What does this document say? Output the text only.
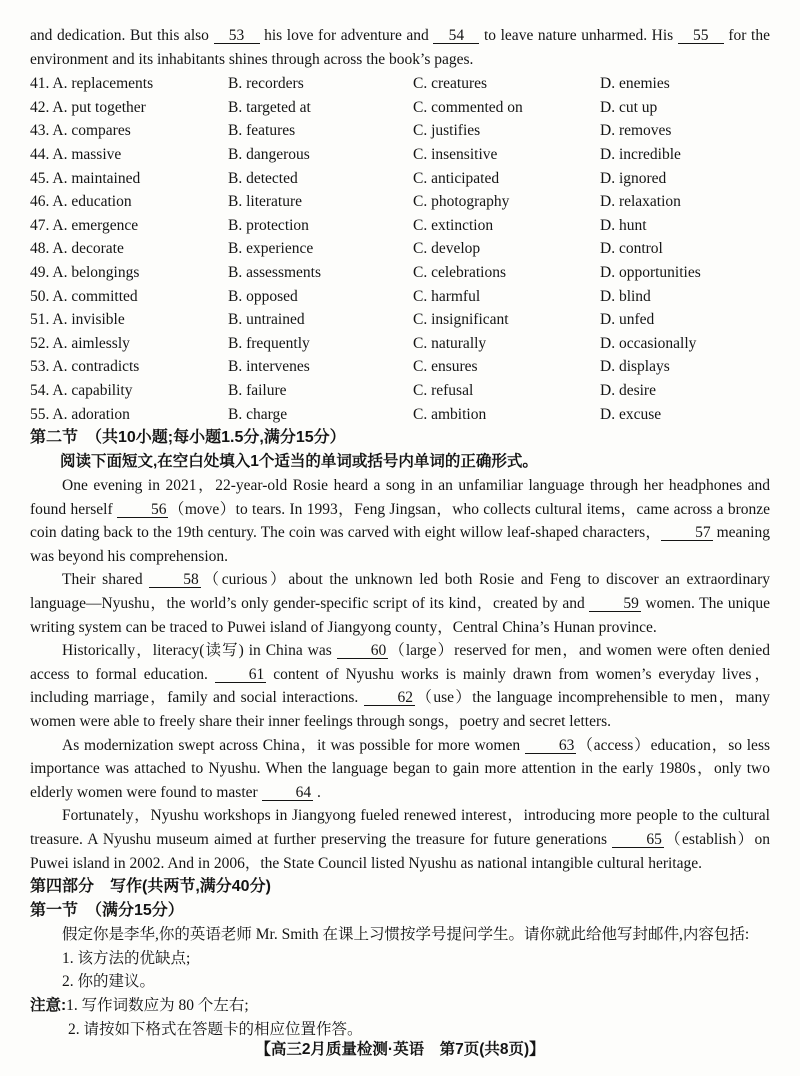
and dedication. But this also 53 his love for adventure and 54 to leave nature unharmed. His 55 for the environment and its inhabitants shines through across the book’s pages.

41. A. replacements	B. recorders	C. creatures	D. enemies
42. A. put together	B. targeted at	C. commented on	D. cut up
43. A. compares	B. features	C. justifies	D. removes
44. A. massive	B. dangerous	C. insensitive	D. incredible
45. A. maintained	B. detected	C. anticipated	D. ignored
46. A. education	B. literature	C. photography	D. relaxation
47. A. emergence	B. protection	C. extinction	D. hunt
48. A. decorate	B. experience	C. develop	D. control
49. A. belongings	B. assessments	C. celebrations	D. opportunities
50. A. committed	B. opposed	C. harmful	D. blind
51. A. invisible	B. untrained	C. insignificant	D. unfed
52. A. aimlessly	B. frequently	C. naturally	D. occasionally
53. A. contradicts	B. intervenes	C. ensures	D. displays
54. A. capability	B. failure	C. refusal	D. desire
55. A. adoration	B. charge	C. ambition	D. excuse
第二节　（共10小题;每小题1.5分,满分15分）

阅读下面短文,在空白处填入1个适当的单词或括号内单词的正确形式。

One evening in 2021，22-year-old Rosie heard a song in an unfamiliar language through her headphones and found herself 56 （move）to tears. In 1993，Feng Jingsan，who collects cultural items，came across a bronze coin dating back to the 19th century. The coin was carved with eight willow leaf-shaped characters， 57 meaning was beyond his comprehension.

Their shared 58 （curious）about the unknown led both Rosie and Feng to discover an extraordinary language—Nyushu，the world’s only gender-specific script of its kind，created by and 59 women. The unique writing system can be traced to Puwei island of Jiangyong county，Central China’s Hunan province.

Historically，literacy(读写) in China was 60 （large）reserved for men，and women were often denied access to formal education. 61 content of Nyushu works is mainly drawn from women’s everyday lives，including marriage，family and social interactions. 62 （use）the language incomprehensible to men，many women were able to freely share their inner feelings through songs，poetry and secret letters.

As modernization swept across China，it was possible for more women 63 （access）education，so less importance was attached to Nyushu. When the language began to gain more attention in the early 1980s，only two elderly women were found to master 64 .

Fortunately，Nyushu workshops in Jiangyong fueled renewed interest，introducing more people to the cultural treasure. A Nyushu museum aimed at further preserving the treasure for future generations 65 （establish）on Puwei island in 2002. And in 2006，the State Council listed Nyushu as national intangible cultural heritage.

第四部分　写作(共两节,满分40分)
第一节　（满分15分）

假定你是李华,你的英语老师 Mr. Smith 在课上习惯按学号提问学生。请你就此给他写封邮件,内容包括:

1. 该方法的优缺点;

2. 你的建议。

注意:1. 写作词数应为 80 个左右;

2. 请按如下格式在答题卡的相应位置作答。

【高三2月质量检测·英语　第7页(共8页)】
